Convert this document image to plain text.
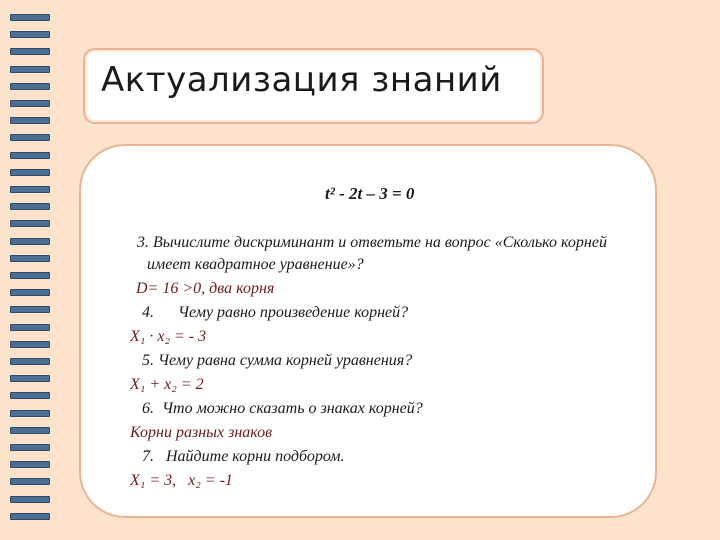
Актуализация знаний
t² - 2t – 3 = 0
3. Вычислите дискриминант и ответьте на вопрос «Сколько корней
имеет квадратное уравнение»?
D= 16 >0, два корня
4.      Чему равно произведение корней?
X₁ · x₂ = - 3
5. Чему равна сумма корней уравнения?
X₁ + x₂ = 2
6.  Что можно сказать о знаках корней?
Корни разных знаков
7.   Найдите корни подбором.
X₁ = 3,   x₂ = -1
